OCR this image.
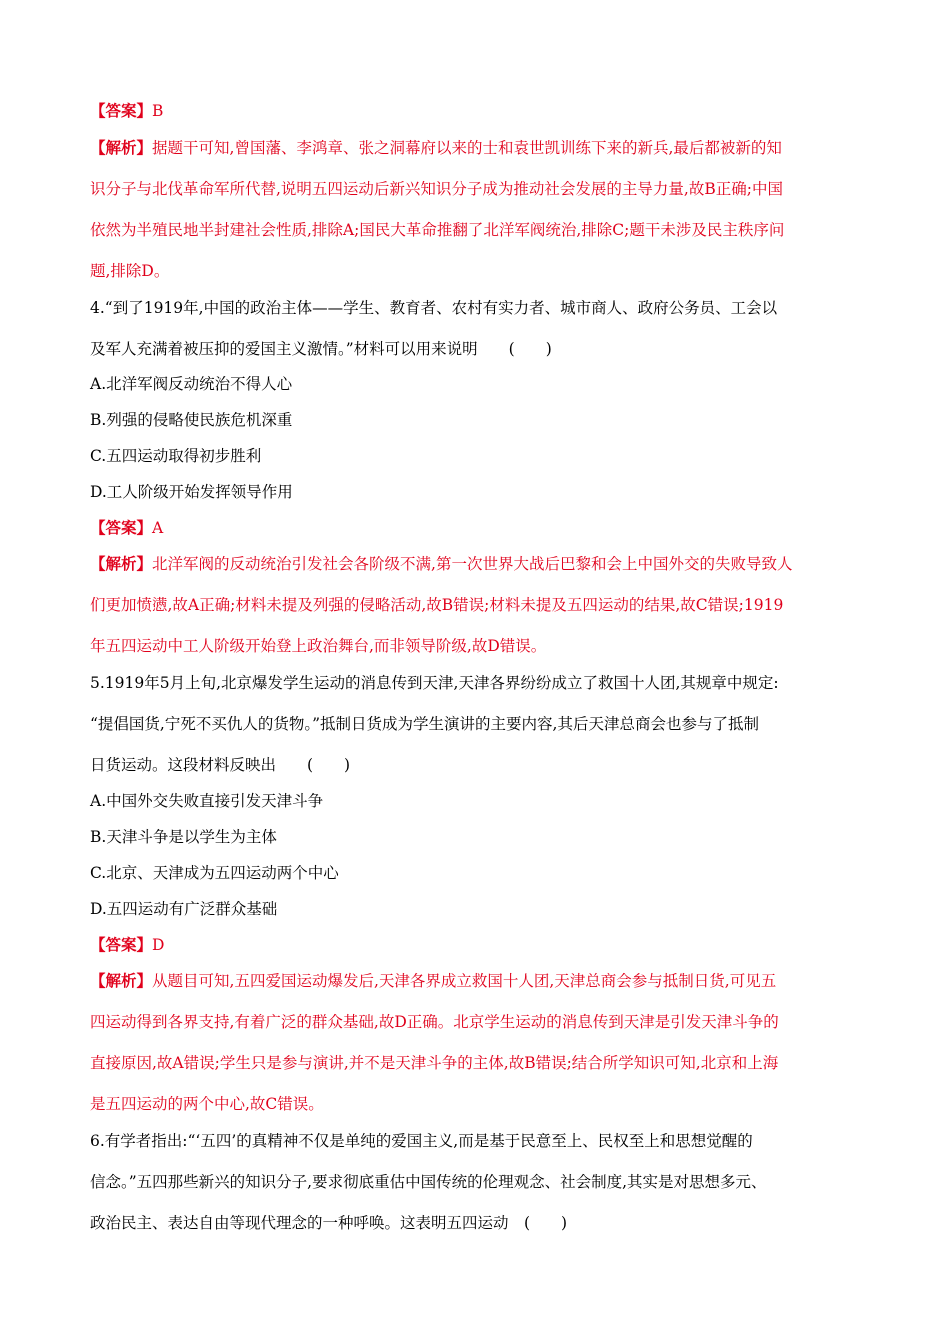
【答案】B
【解析】据题干可知,曾国藩、李鸿章、张之洞幕府以来的士和袁世凯训练下来的新兵,最后都被新的知
识分子与北伐革命军所代替,说明五四运动后新兴知识分子成为推动社会发展的主导力量,故B正确;中国
依然为半殖民地半封建社会性质,排除A;国民大革命推翻了北洋军阀统治,排除C;题干未涉及民主秩序问
题,排除D。
4.“到了1919年,中国的政治主体——学生、教育者、农村有实力者、城市商人、政府公务员、工会以
及军人充满着被压抑的爱国主义激情。”材料可以用来说明　　(　　)
A.北洋军阀反动统治不得人心
B.列强的侵略使民族危机深重
C.五四运动取得初步胜利
D.工人阶级开始发挥领导作用
【答案】A
【解析】北洋军阀的反动统治引发社会各阶级不满,第一次世界大战后巴黎和会上中国外交的失败导致人
们更加愤懑,故A正确;材料未提及列强的侵略活动,故B错误;材料未提及五四运动的结果,故C错误;1919
年五四运动中工人阶级开始登上政治舞台,而非领导阶级,故D错误。
5.1919年5月上旬,北京爆发学生运动的消息传到天津,天津各界纷纷成立了救国十人团,其规章中规定:
“提倡国货,宁死不买仇人的货物。”抵制日货成为学生演讲的主要内容,其后天津总商会也参与了抵制
日货运动。这段材料反映出　　(　　)
A.中国外交失败直接引发天津斗争
B.天津斗争是以学生为主体
C.北京、天津成为五四运动两个中心
D.五四运动有广泛群众基础
【答案】D
【解析】从题目可知,五四爱国运动爆发后,天津各界成立救国十人团,天津总商会参与抵制日货,可见五
四运动得到各界支持,有着广泛的群众基础,故D正确。北京学生运动的消息传到天津是引发天津斗争的
直接原因,故A错误;学生只是参与演讲,并不是天津斗争的主体,故B错误;结合所学知识可知,北京和上海
是五四运动的两个中心,故C错误。
6.有学者指出:“‘五四’的真精神不仅是单纯的爱国主义,而是基于民意至上、民权至上和思想觉醒的
信念。”五四那些新兴的知识分子,要求彻底重估中国传统的伦理观念、社会制度,其实是对思想多元、
政治民主、表达自由等现代理念的一种呼唤。这表明五四运动　(　　)
